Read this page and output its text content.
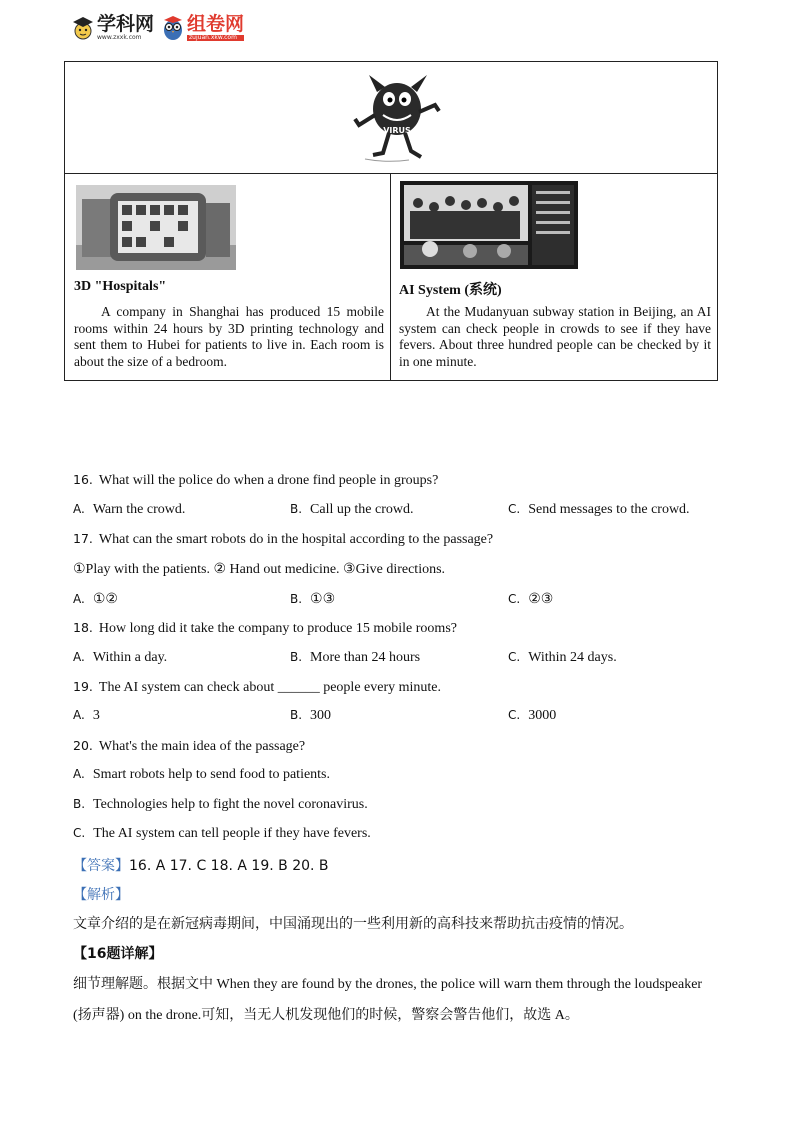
学科网
www.zxxk.com
组卷网
zujuan.xkw.com
VIRUS
3D "Hospitals"
A company in Shanghai has produced 15 mobile rooms within 24 hours by 3D printing technology and sent them to Hubei for patients to live in. Each room is about the size of a bedroom.
AI System (系统)
At the Mudanyuan subway station in Beijing, an AI system can check people in crowds to see if they have fevers. About three hundred people can be checked by it in one minute.
16. What will the police do when a drone find people in groups?
A. Warn the crowd.	B. Call up the crowd.	C. Send messages to the crowd.
17. What can the smart robots do in the hospital according to the passage?
①Play with the patients. ② Hand out medicine. ③Give directions.
A. ①②	B. ①③	C. ②③
18. How long did it take the company to produce 15 mobile rooms?
A. Within a day.	B. More than 24 hours	C. Within 24 days.
19. The AI system can check about ______ people every minute.
A. 3	B. 300	C. 3000
20. What's the main idea of the passage?
A. Smart robots help to send food to patients.
B. Technologies help to fight the novel coronavirus.
C. The AI system can tell people if they have fevers.
【答案】16. A 17. C 18. A 19. B 20. B
【解析】
文章介绍的是在新冠病毒期间，中国涌现出的一些利用新的高科技来帮助抗击疫情的情况。
【16题详解】
细节理解题。根据文中 When they are found by the drones, the police will warn them through the loudspeaker
(扬声器) on the drone.可知，当无人机发现他们的时候，警察会警告他们，故选 A。
